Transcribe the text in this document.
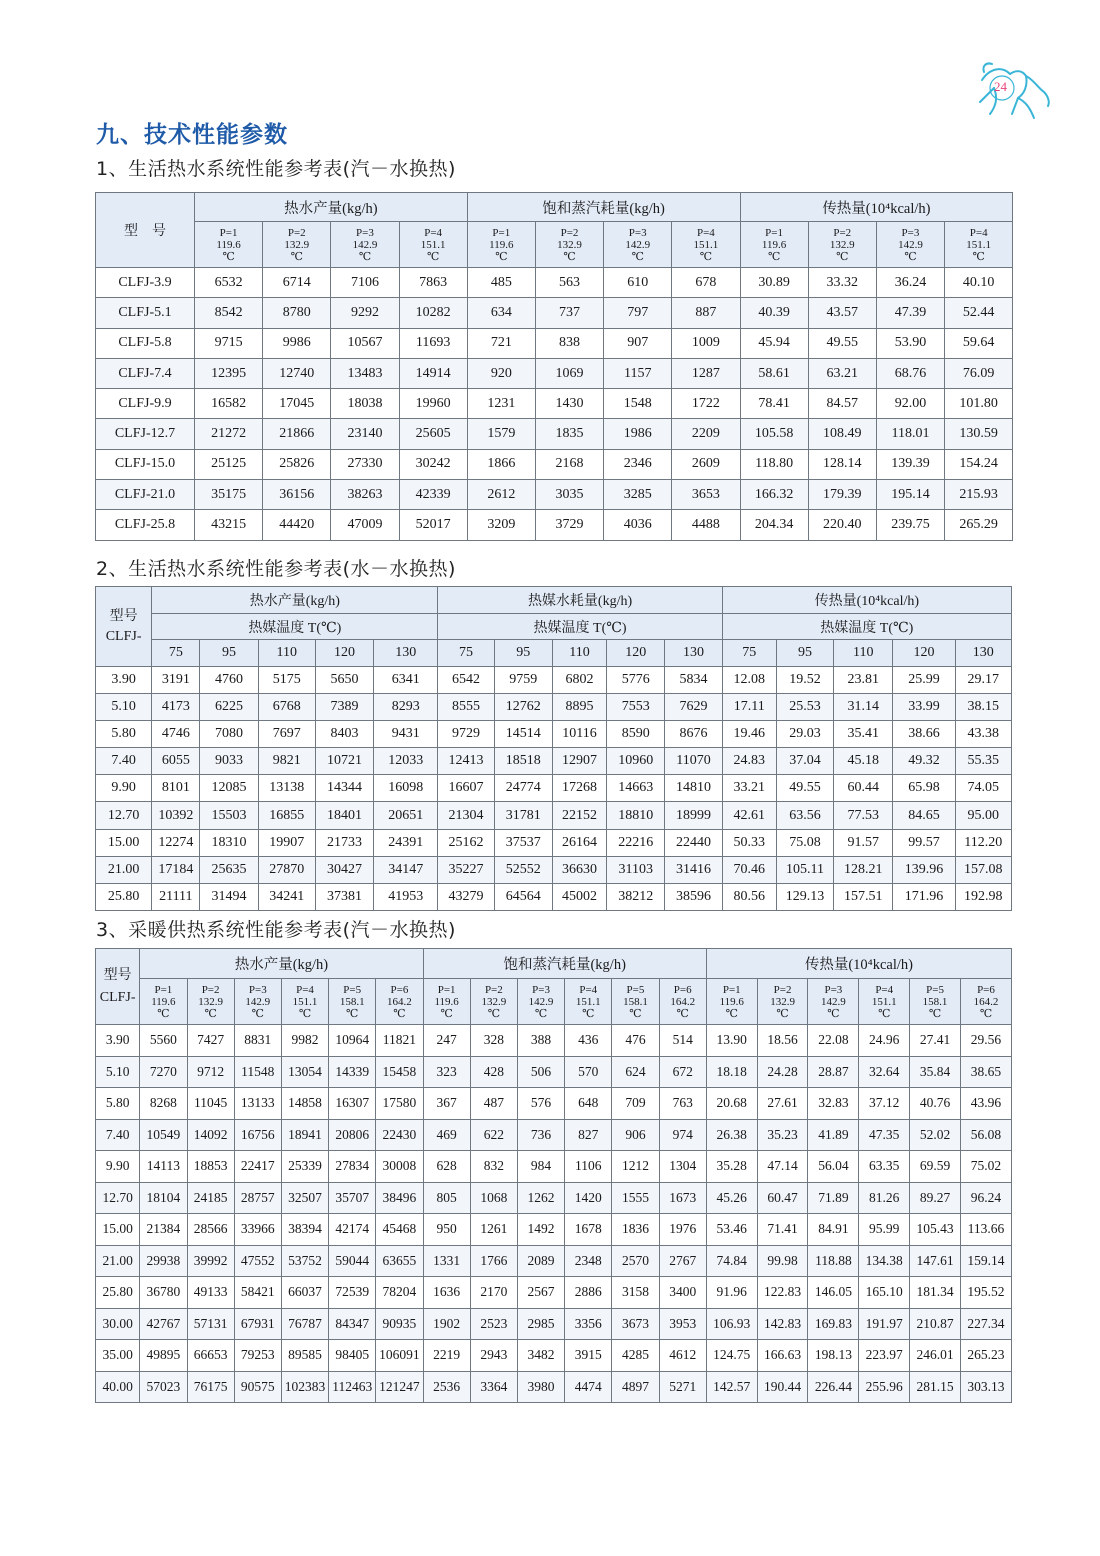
24
九、技术性能参数
1、生活热水系统性能参考表(汽－水换热)
型　号	热水产量(kg/h)				饱和蒸汽耗量(kg/h)				传热量(10⁴kcal/h)			
	P=1
119.6
℃	P=2
132.9
℃	P=3
142.9
℃	P=4
151.1
℃	P=1
119.6
℃	P=2
132.9
℃	P=3
142.9
℃	P=4
151.1
℃	P=1
119.6
℃	P=2
132.9
℃	P=3
142.9
℃	P=4
151.1
℃
CLFJ-3.9	6532	6714	7106	7863	485	563	610	678	30.89	33.32	36.24	40.10
CLFJ-5.1	8542	8780	9292	10282	634	737	797	887	40.39	43.57	47.39	52.44
CLFJ-5.8	9715	9986	10567	11693	721	838	907	1009	45.94	49.55	53.90	59.64
CLFJ-7.4	12395	12740	13483	14914	920	1069	1157	1287	58.61	63.21	68.76	76.09
CLFJ-9.9	16582	17045	18038	19960	1231	1430	1548	1722	78.41	84.57	92.00	101.80
CLFJ-12.7	21272	21866	23140	25605	1579	1835	1986	2209	105.58	108.49	118.01	130.59
CLFJ-15.0	25125	25826	27330	30242	1866	2168	2346	2609	118.80	128.14	139.39	154.24
CLFJ-21.0	35175	36156	38263	42339	2612	3035	3285	3653	166.32	179.39	195.14	215.93
CLFJ-25.8	43215	44420	47009	52017	3209	3729	4036	4488	204.34	220.40	239.75	265.29
2、生活热水系统性能参考表(水－水换热)
型号
CLFJ-	热水产量(kg/h)					热媒水耗量(kg/h)					传热量(10⁴kcal/h)				
	热媒温度 T(℃)					热媒温度 T(℃)					热媒温度 T(℃)				
	75	95	110	120	130	75	95	110	120	130	75	95	110	120	130
3.90	3191	4760	5175	5650	6341	6542	9759	6802	5776	5834	12.08	19.52	23.81	25.99	29.17
5.10	4173	6225	6768	7389	8293	8555	12762	8895	7553	7629	17.11	25.53	31.14	33.99	38.15
5.80	4746	7080	7697	8403	9431	9729	14514	10116	8590	8676	19.46	29.03	35.41	38.66	43.38
7.40	6055	9033	9821	10721	12033	12413	18518	12907	10960	11070	24.83	37.04	45.18	49.32	55.35
9.90	8101	12085	13138	14344	16098	16607	24774	17268	14663	14810	33.21	49.55	60.44	65.98	74.05
12.70	10392	15503	16855	18401	20651	21304	31781	22152	18810	18999	42.61	63.56	77.53	84.65	95.00
15.00	12274	18310	19907	21733	24391	25162	37537	26164	22216	22440	50.33	75.08	91.57	99.57	112.20
21.00	17184	25635	27870	30427	34147	35227	52552	36630	31103	31416	70.46	105.11	128.21	139.96	157.08
25.80	21111	31494	34241	37381	41953	43279	64564	45002	38212	38596	80.56	129.13	157.51	171.96	192.98
3、采暖供热系统性能参考表(汽－水换热)
型号
CLFJ-	热水产量(kg/h)						饱和蒸汽耗量(kg/h)						传热量(10⁴kcal/h)					
	P=1
119.6
℃	P=2
132.9
℃	P=3
142.9
℃	P=4
151.1
℃	P=5
158.1
℃	P=6
164.2
℃	P=1
119.6
℃	P=2
132.9
℃	P=3
142.9
℃	P=4
151.1
℃	P=5
158.1
℃	P=6
164.2
℃	P=1
119.6
℃	P=2
132.9
℃	P=3
142.9
℃	P=4
151.1
℃	P=5
158.1
℃	P=6
164.2
℃
3.90	5560	7427	8831	9982	10964	11821	247	328	388	436	476	514	13.90	18.56	22.08	24.96	27.41	29.56
5.10	7270	9712	11548	13054	14339	15458	323	428	506	570	624	672	18.18	24.28	28.87	32.64	35.84	38.65
5.80	8268	11045	13133	14858	16307	17580	367	487	576	648	709	763	20.68	27.61	32.83	37.12	40.76	43.96
7.40	10549	14092	16756	18941	20806	22430	469	622	736	827	906	974	26.38	35.23	41.89	47.35	52.02	56.08
9.90	14113	18853	22417	25339	27834	30008	628	832	984	1106	1212	1304	35.28	47.14	56.04	63.35	69.59	75.02
12.70	18104	24185	28757	32507	35707	38496	805	1068	1262	1420	1555	1673	45.26	60.47	71.89	81.26	89.27	96.24
15.00	21384	28566	33966	38394	42174	45468	950	1261	1492	1678	1836	1976	53.46	71.41	84.91	95.99	105.43	113.66
21.00	29938	39992	47552	53752	59044	63655	1331	1766	2089	2348	2570	2767	74.84	99.98	118.88	134.38	147.61	159.14
25.80	36780	49133	58421	66037	72539	78204	1636	2170	2567	2886	3158	3400	91.96	122.83	146.05	165.10	181.34	195.52
30.00	42767	57131	67931	76787	84347	90935	1902	2523	2985	3356	3673	3953	106.93	142.83	169.83	191.97	210.87	227.34
35.00	49895	66653	79253	89585	98405	106091	2219	2943	3482	3915	4285	4612	124.75	166.63	198.13	223.97	246.01	265.23
40.00	57023	76175	90575	102383	112463	121247	2536	3364	3980	4474	4897	5271	142.57	190.44	226.44	255.96	281.15	303.13
